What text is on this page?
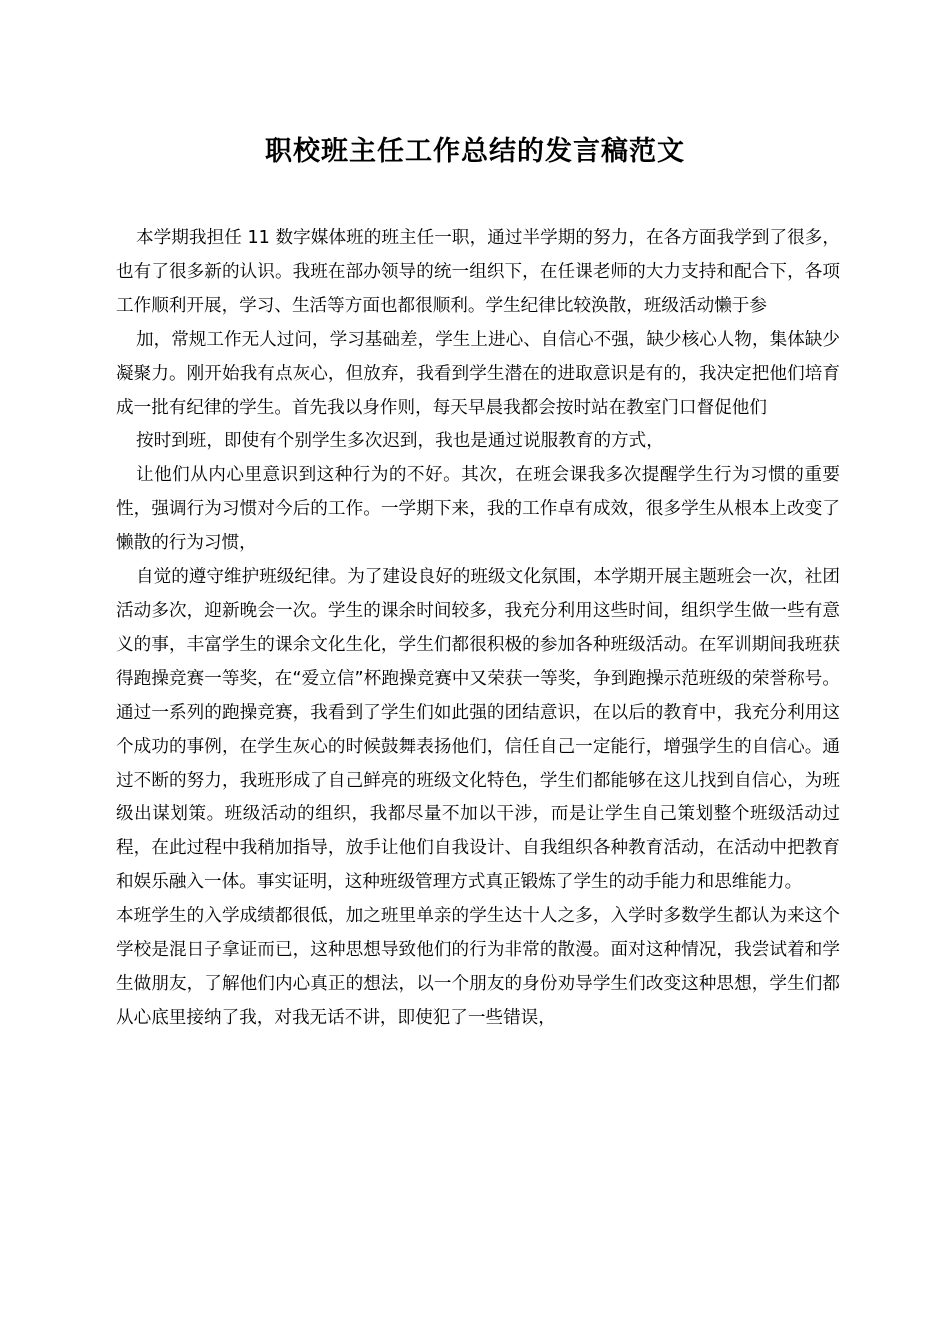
职校班主任工作总结的发言稿范文

本学期我担任 11 数字媒体班的班主任一职，通过半学期的努力，在各方面我学到了很多，也有了很多新的认识。我班在部办领导的统一组织下，在任课老师的大力支持和配合下，各项工作顺利开展，学习、生活等方面也都很顺利。学生纪律比较涣散，班级活动懒于参

加，常规工作无人过问，学习基础差，学生上进心、自信心不强，缺少核心人物，集体缺少凝聚力。刚开始我有点灰心，但放弃，我看到学生潜在的进取意识是有的，我决定把他们培育成一批有纪律的学生。首先我以身作则，每天早晨我都会按时站在教室门口督促他们

按时到班，即使有个别学生多次迟到，我也是通过说服教育的方式，

让他们从内心里意识到这种行为的不好。其次，在班会课我多次提醒学生行为习惯的重要性，强调行为习惯对今后的工作。一学期下来，我的工作卓有成效，很多学生从根本上改变了懒散的行为习惯，

自觉的遵守维护班级纪律。为了建设良好的班级文化氛围，本学期开展主题班会一次，社团活动多次，迎新晚会一次。学生的课余时间较多，我充分利用这些时间，组织学生做一些有意义的事，丰富学生的课余文化生化，学生们都很积极的参加各种班级活动。在军训期间我班获得跑操竞赛一等奖，在“爱立信”杯跑操竞赛中又荣获一等奖，争到跑操示范班级的荣誉称号。通过一系列的跑操竞赛，我看到了学生们如此强的团结意识，在以后的教育中，我充分利用这个成功的事例，在学生灰心的时候鼓舞表扬他们，信任自己一定能行，增强学生的自信心。通过不断的努力，我班形成了自己鲜亮的班级文化特色，学生们都能够在这儿找到自信心，为班级出谋划策。班级活动的组织，我都尽量不加以干涉，而是让学生自己策划整个班级活动过程，在此过程中我稍加指导，放手让他们自我设计、自我组织各种教育活动，在活动中把教育和娱乐融入一体。事实证明，这种班级管理方式真正锻炼了学生的动手能力和思维能力。

本班学生的入学成绩都很低，加之班里单亲的学生达十人之多，入学时多数学生都认为来这个学校是混日子拿证而已，这种思想导致他们的行为非常的散漫。面对这种情况，我尝试着和学生做朋友，了解他们内心真正的想法，以一个朋友的身份劝导学生们改变这种思想，学生们都从心底里接纳了我，对我无话不讲，即使犯了一些错误，
